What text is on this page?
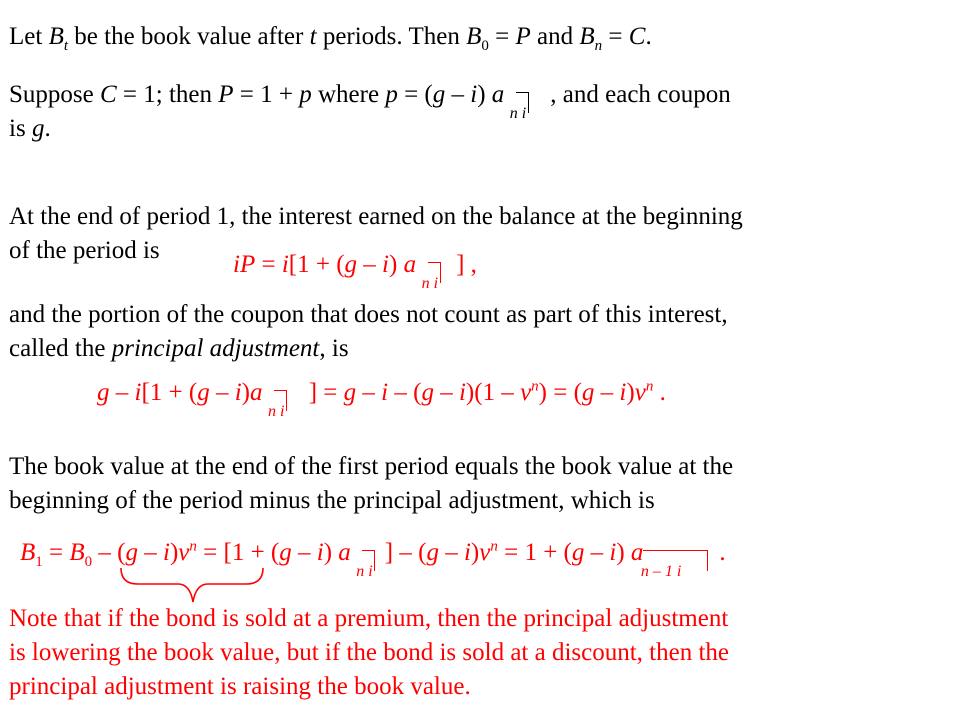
Let $B_t$ be the book value after t periods. Then $B_0 = P$ and $B_n = C$.
Suppose C = 1; then P = 1 + p where p = (g – i) a
n i
, and each coupon
is g.
At the end of period 1, the interest earned on the balance at the beginning
of the period is
iP = i[1 + (g – i) a
n i
] ,
and the portion of the coupon that does not count as part of this interest,
called the principal adjustment, is
g – i[1 + (g – i)a
n i
] = $g - i - (g - i)(1 - v^n) = (g - i)v^n$ .
The book value at the end of the first period equals the book value at the
beginning of the period minus the principal adjustment, which is
$B_1 = B_0 - (g - i)v^n = [1 + (g - i)$ a
n i
] – $(g - i)v^n = 1 + (g - i)$ a
n – 1 i
.
Note that if the bond is sold at a premium, then the principal adjustment
is lowering the book value, but if the bond is sold at a discount, then the
principal adjustment is raising the book value.
